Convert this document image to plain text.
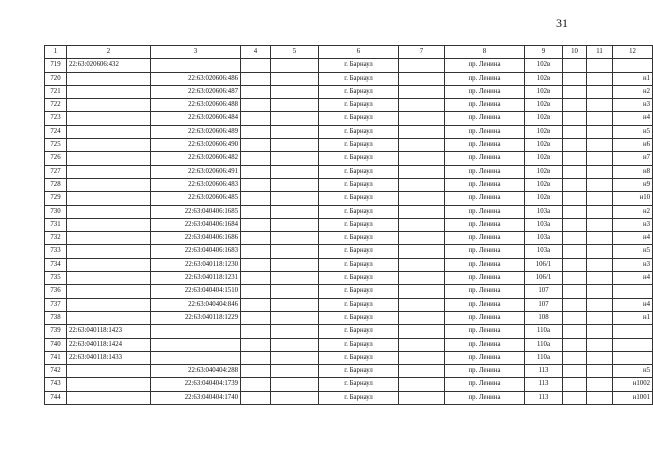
31
1	2	3	4	5	6	7	8	9	10	11	12
719	22:63:020606:432				г. Барнаул		пр. Ленина	102в			
720		22:63:020606:486			г. Барнаул		пр. Ленина	102в			н1
721		22:63:020606:487			г. Барнаул		пр. Ленина	102в			н2
722		22:63:020606:488			г. Барнаул		пр. Ленина	102в			н3
723		22:63:020606:484			г. Барнаул		пр. Ленина	102в			н4
724		22:63:020606:489			г. Барнаул		пр. Ленина	102в			н5
725		22:63:020606:490			г. Барнаул		пр. Ленина	102в			н6
726		22:63:020606:482			г. Барнаул		пр. Ленина	102в			н7
727		22:63:020606:491			г. Барнаул		пр. Ленина	102в			н8
728		22:63:020606:483			г. Барнаул		пр. Ленина	102в			н9
729		22:63:020606:485			г. Барнаул		пр. Ленина	102в			н10
730		22:63:040406:1685			г. Барнаул		пр. Ленина	103а			н2
731		22:63:040406:1684			г. Барнаул		пр. Ленина	103а			н3
732		22:63:040406:1686			г. Барнаул		пр. Ленина	103а			н4
733		22:63:040406:1683			г. Барнаул		пр. Ленина	103а			н5
734		22:63:040118:1230			г. Барнаул		пр. Ленина	106/1			н3
735		22:63:040118:1231			г. Барнаул		пр. Ленина	106/1			н4
736		22:63:040404:1510			г. Барнаул		пр. Ленина	107			
737		22:63:040404:846			г. Барнаул		пр. Ленина	107			н4
738		22:63:040118:1229			г. Барнаул		пр. Ленина	108			н1
739	22:63:040118:1423				г. Барнаул		пр. Ленина	110а			
740	22:63:040118:1424				г. Барнаул		пр. Ленина	110а			
741	22:63:040118:1433				г. Барнаул		пр. Ленина	110а			
742		22:63:040404:288			г. Барнаул		пр. Ленина	113			н5
743		22:63:040404:1739			г. Барнаул		пр. Ленина	113			н1002
744		22:63:040404:1740			г. Барнаул		пр. Ленина	113			н1001
